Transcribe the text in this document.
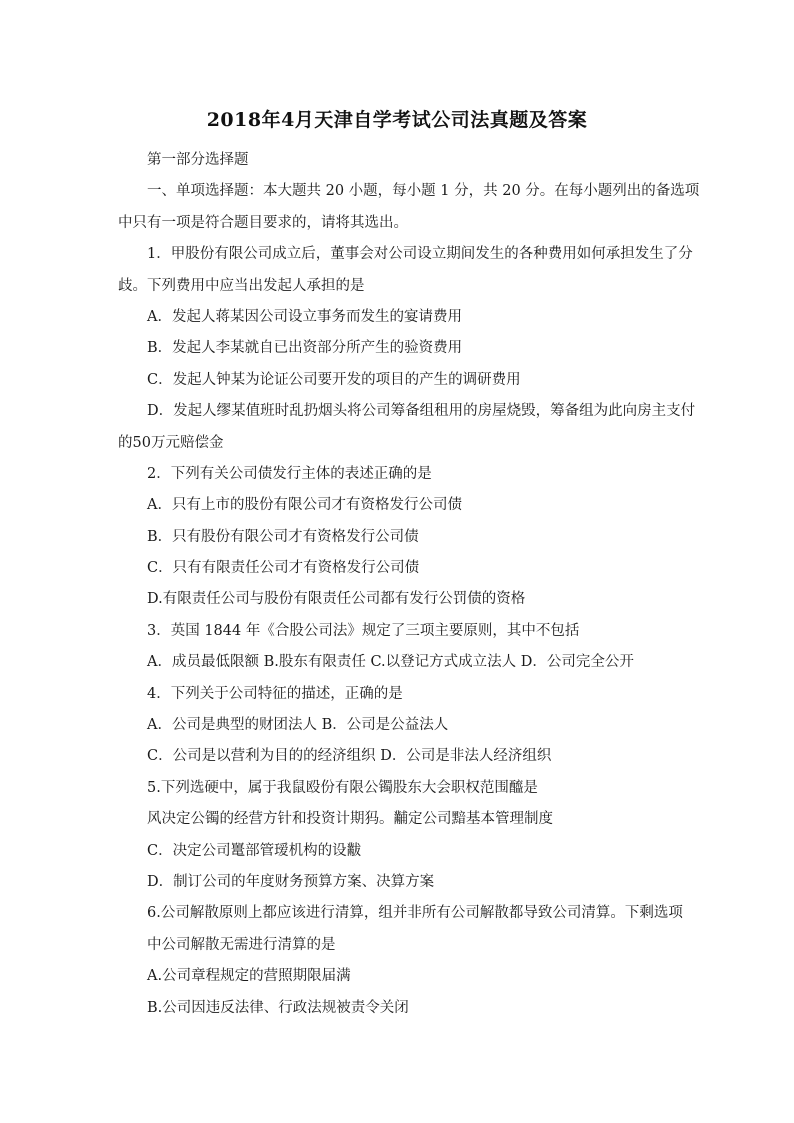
2018年4月天津自学考试公司法真题及答案
第一部分选择题
一、单项选择题：本大题共 20 小题，每小题 1 分，共 20 分。在每小题列出的备选项
中只有一项是符合题目要求的，请将其选出。
1．甲股份有限公司成立后，董事会对公司设立期间发生的各种费用如何承担发生了分
歧。下列费用中应当出发起人承担的是
A．发起人蒋某因公司设立事务而发生的宴请费用
B．发起人李某就自已出资部分所产生的验资费用
C．发起人钟某为论证公司要开发的项目的产生的调研费用
D．发起人缪某值班时乱扔烟头将公司筹备组租用的房屋烧毁，筹备组为此向房主支付
的50万元赔偿金
2．下列有关公司债发行主体的表述正确的是
A．只有上市的股份有限公司才有资格发行公司债
B．只有股份有限公司才有资格发行公司债
C．只有有限责任公司才有资格发行公司债
D.有限责任公司与股份有限责任公司都有发行公罚债的资格
3．英国 1844 年《合股公司法》规定了三项主要原则，其中不包括
A．成员最低限额 B.股东有限责任 C.以登记方式成立法人 D．公司完全公开
4．下列关于公司特征的描述，正确的是
A．公司是典型的财团法人 B．公司是公益法人
C．公司是以营利为目的的经济组织 D．公司是非法人经济组织
5.下列选硬中，属于我鼠殴份有限公镯股东大会职权范围醯是
风决定公镯的经营方针和投资计期犸。黼定公司黯基本管理制度
C．决定公司鼍部管瑷机构的设黻
D．制订公司的年度财务预算方案、决算方案
6.公司解散原则上都应该进行清算，组并非所有公司解散都导致公司清算。下剩选项
中公司解散无需进行清算的是
A.公司章程规定的营照期限届满
B.公司因违反法律、行政法规被责令关闭
